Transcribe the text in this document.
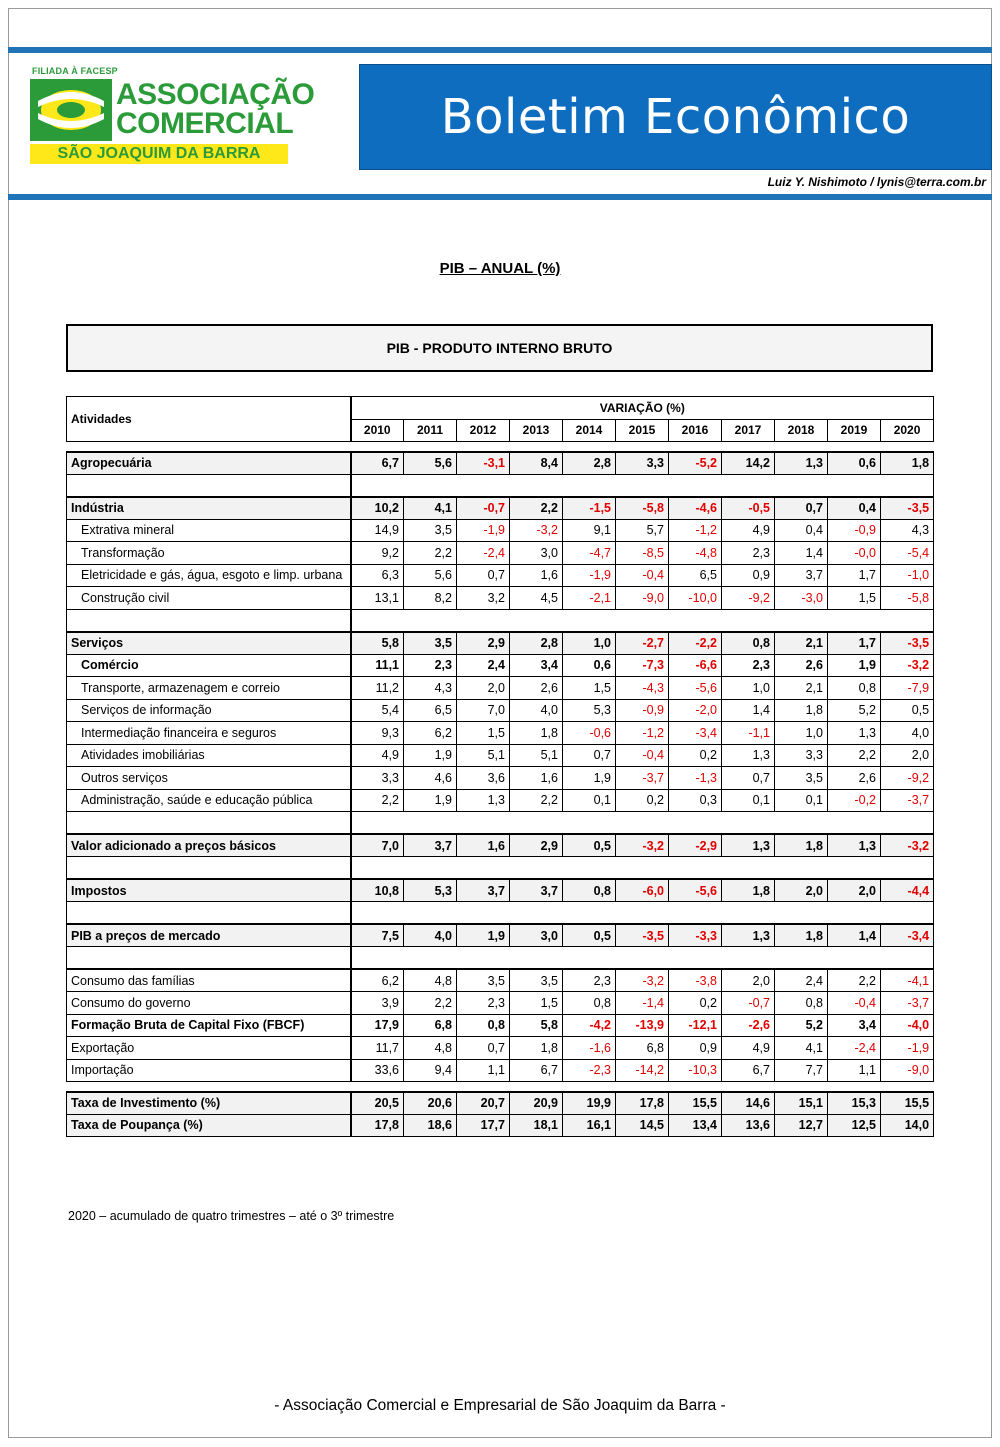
FILIADA À FACESP
ASSOCIAÇÃO
COMERCIAL
SÃO JOAQUIM DA BARRA
Boletim Econômico
Luiz Y. Nishimoto / lynis@terra.com.br
PIB – ANUAL (%)
PIB - PRODUTO INTERNO BRUTO
Atividades	VARIAÇÃO (%)										
	2010	2011	2012	2013	2014	2015	2016	2017	2018	2019	2020

Agropecuária	6,7	5,6	-3,1	8,4	2,8	3,3	-5,2	14,2	1,3	0,6	1,8

Indústria	10,2	4,1	-0,7	2,2	-1,5	-5,8	-4,6	-0,5	0,7	0,4	-3,5
Extrativa mineral	14,9	3,5	-1,9	-3,2	9,1	5,7	-1,2	4,9	0,4	-0,9	4,3
Transformação	9,2	2,2	-2,4	3,0	-4,7	-8,5	-4,8	2,3	1,4	-0,0	-5,4
Eletricidade e gás, água, esgoto e limp. urbana	6,3	5,6	0,7	1,6	-1,9	-0,4	6,5	0,9	3,7	1,7	-1,0
Construção civil	13,1	8,2	3,2	4,5	-2,1	-9,0	-10,0	-9,2	-3,0	1,5	-5,8

Serviços	5,8	3,5	2,9	2,8	1,0	-2,7	-2,2	0,8	2,1	1,7	-3,5
Comércio	11,1	2,3	2,4	3,4	0,6	-7,3	-6,6	2,3	2,6	1,9	-3,2
Transporte, armazenagem e correio	11,2	4,3	2,0	2,6	1,5	-4,3	-5,6	1,0	2,1	0,8	-7,9
Serviços de informação	5,4	6,5	7,0	4,0	5,3	-0,9	-2,0	1,4	1,8	5,2	0,5
Intermediação financeira e seguros	9,3	6,2	1,5	1,8	-0,6	-1,2	-3,4	-1,1	1,0	1,3	4,0
Atividades imobiliárias	4,9	1,9	5,1	5,1	0,7	-0,4	0,2	1,3	3,3	2,2	2,0
Outros serviços	3,3	4,6	3,6	1,6	1,9	-3,7	-1,3	0,7	3,5	2,6	-9,2
Administração, saúde e educação pública	2,2	1,9	1,3	2,2	0,1	0,2	0,3	0,1	0,1	-0,2	-3,7

Valor adicionado a preços básicos	7,0	3,7	1,6	2,9	0,5	-3,2	-2,9	1,3	1,8	1,3	-3,2

Impostos	10,8	5,3	3,7	3,7	0,8	-6,0	-5,6	1,8	2,0	2,0	-4,4

PIB a preços de mercado	7,5	4,0	1,9	3,0	0,5	-3,5	-3,3	1,3	1,8	1,4	-3,4

Consumo das famílias	6,2	4,8	3,5	3,5	2,3	-3,2	-3,8	2,0	2,4	2,2	-4,1
Consumo do governo	3,9	2,2	2,3	1,5	0,8	-1,4	0,2	-0,7	0,8	-0,4	-3,7
Formação Bruta de Capital Fixo (FBCF)	17,9	6,8	0,8	5,8	-4,2	-13,9	-12,1	-2,6	5,2	3,4	-4,0
Exportação	11,7	4,8	0,7	1,8	-1,6	6,8	0,9	4,9	4,1	-2,4	-1,9
Importação	33,6	9,4	1,1	6,7	-2,3	-14,2	-10,3	6,7	7,7	1,1	-9,0

Taxa de Investimento (%)	20,5	20,6	20,7	20,9	19,9	17,8	15,5	14,6	15,1	15,3	15,5
Taxa de Poupança (%)	17,8	18,6	17,7	18,1	16,1	14,5	13,4	13,6	12,7	12,5	14,0
2020 – acumulado de quatro trimestres – até o 3º trimestre
- Associação Comercial e Empresarial de São Joaquim da Barra -
